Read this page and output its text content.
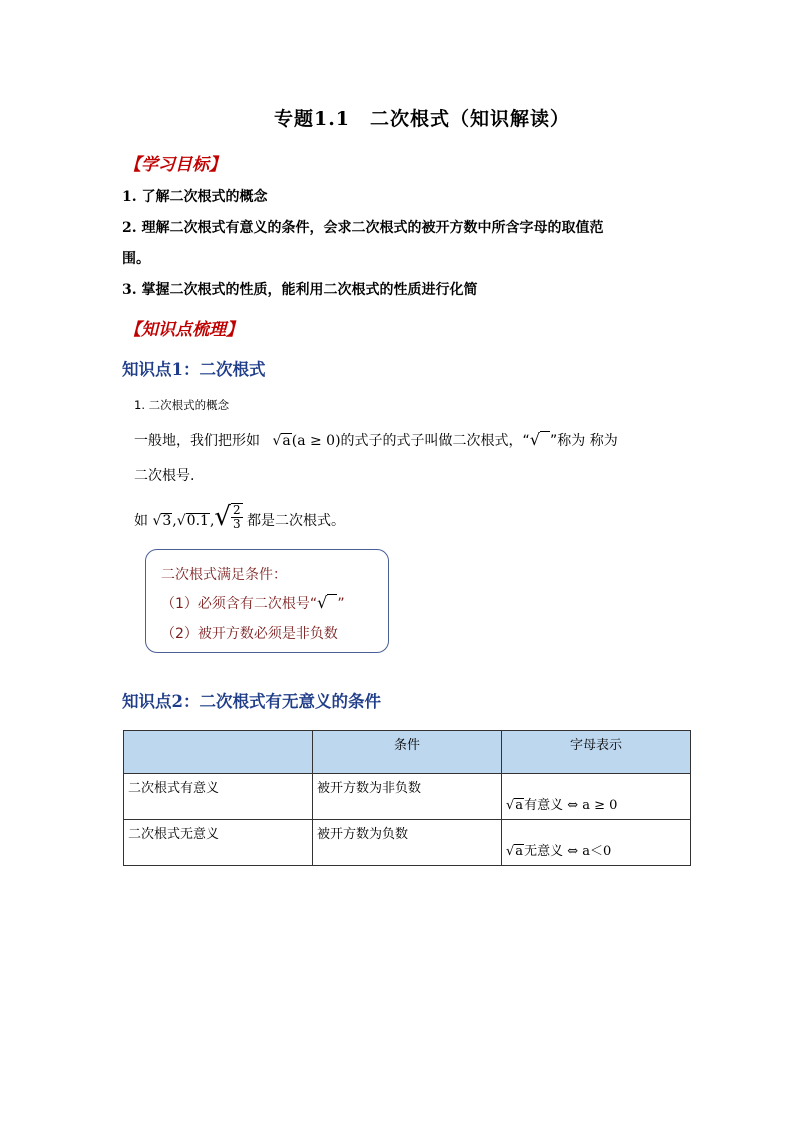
专题1.1　二次根式（知识解读）
【学习目标】
1. 了解二次根式的概念
2. 理解二次根式有意义的条件，会求二次根式的被开方数中所含字母的取值范
围。
3. 掌握二次根式的性质，能利用二次根式的性质进行化简
【知识点梳理】
知识点1：二次根式
1. 二次根式的概念
一般地，我们把形如 √a(a ≥ 0)的式子的式子叫做二次根式，“√ ”称为 称为
二次根号.
如 $√3,√0.1,√ \frac{2}{3}$ 都是二次根式。
二次根式满足条件：
（1）必须含有二次根号“√ ”
（2）被开方数必须是非负数
知识点2：二次根式有无意义的条件
	条件	字母表示
二次根式有意义	被开方数为非负数	√a有意义 ⇔ a ≥ 0
二次根式无意义	被开方数为负数	√a无意义 ⇔ a＜0
